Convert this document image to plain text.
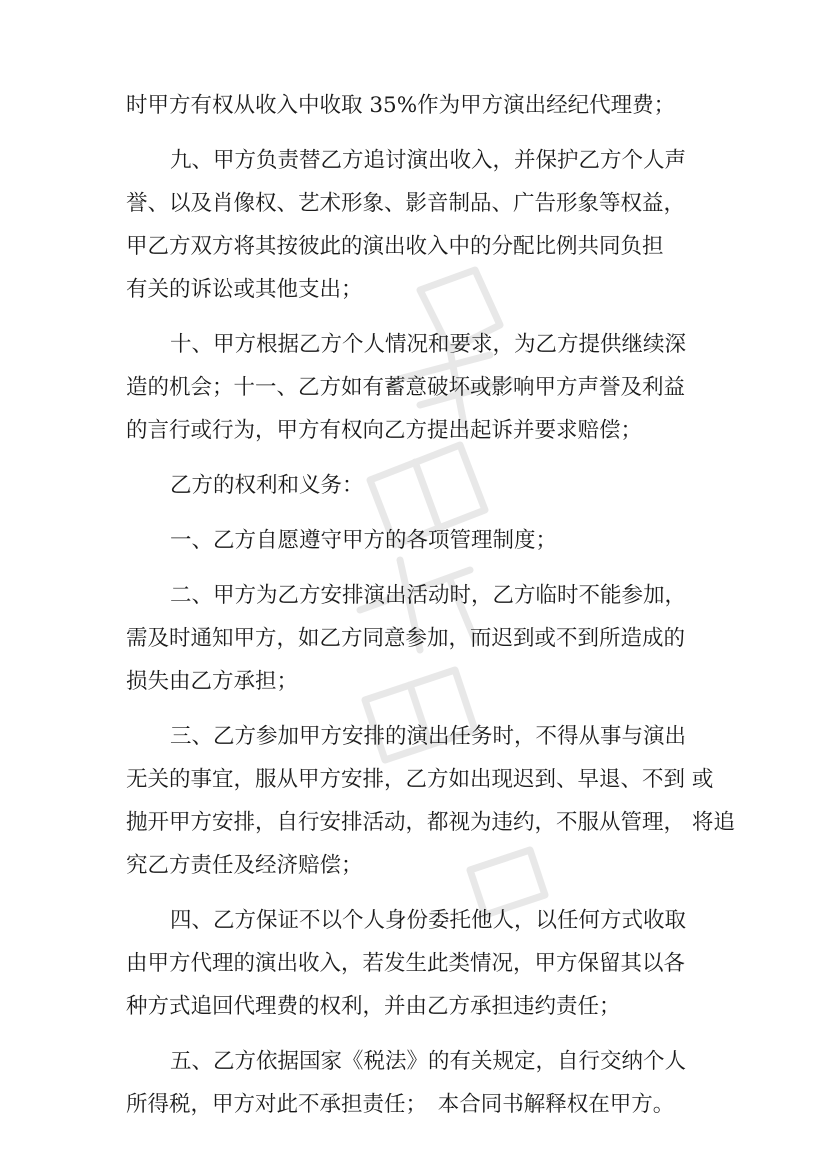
时甲方有权从收入中收取 35%作为甲方演出经纪代理费；
九、甲方负责替乙方追讨演出收入，并保护乙方个人声
誉、以及肖像权、艺术形象、影音制品、广告形象等权益，
甲乙方双方将其按彼此的演出收入中的分配比例共同负担
有关的诉讼或其他支出；
十、甲方根据乙方个人情况和要求，为乙方提供继续深
造的机会；十一、乙方如有蓄意破坏或影响甲方声誉及利益
的言行或行为，甲方有权向乙方提出起诉并要求赔偿；
乙方的权利和义务：
一、乙方自愿遵守甲方的各项管理制度；
二、甲方为乙方安排演出活动时，乙方临时不能参加，
需及时通知甲方，如乙方同意参加，而迟到或不到所造成的
损失由乙方承担；
三、乙方参加甲方安排的演出任务时，不得从事与演出
无关的事宜，服从甲方安排，乙方如出现迟到、早退、不到 或
抛开甲方安排，自行安排活动，都视为违约，不服从管理， 将追
究乙方责任及经济赔偿；
四、乙方保证不以个人身份委托他人，以任何方式收取
由甲方代理的演出收入，若发生此类情况，甲方保留其以各
种方式追回代理费的权利，并由乙方承担违约责任；
五、乙方依据国家《税法》的有关规定，自行交纳个人
所得税，甲方对此不承担责任；　本合同书解释权在甲方。
